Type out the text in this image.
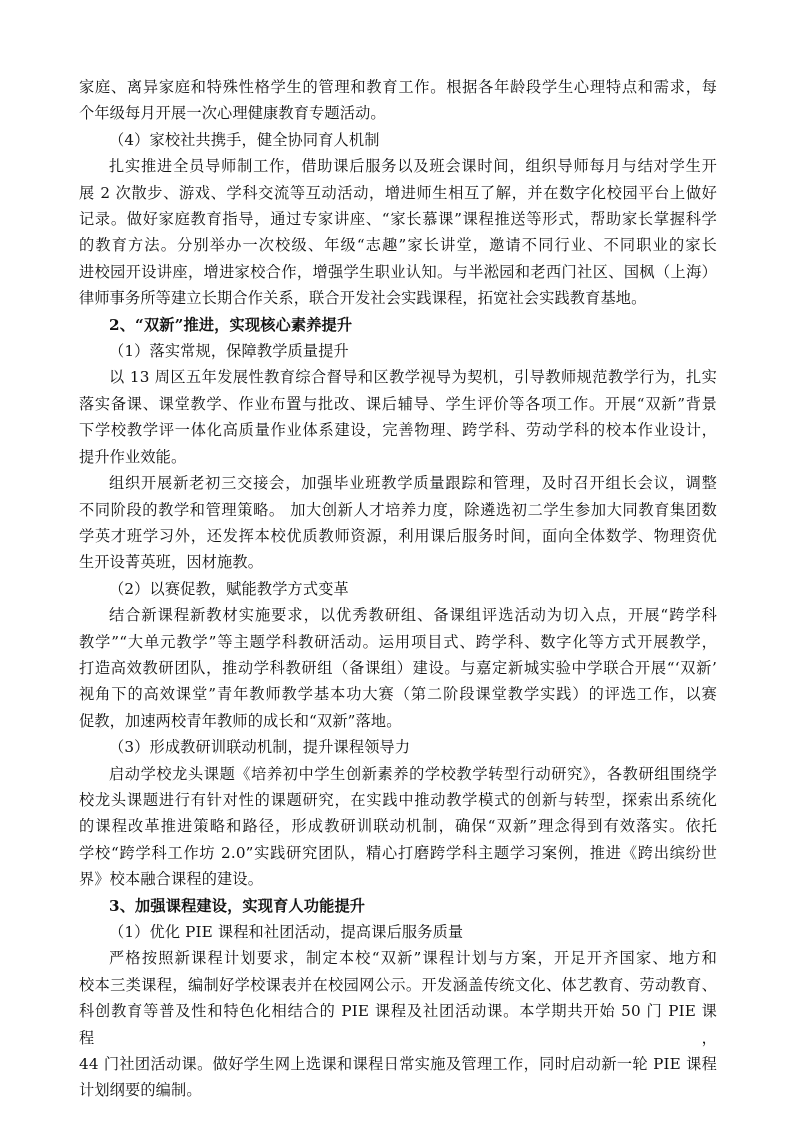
家庭、离异家庭和特殊性格学生的管理和教育工作。根据各年龄段学生心理特点和需求，每
个年级每月开展一次心理健康教育专题活动。
（4）家校社共携手，健全协同育人机制
扎实推进全员导师制工作，借助课后服务以及班会课时间，组织导师每月与结对学生开
展 2 次散步、游戏、学科交流等互动活动，增进师生相互了解，并在数字化校园平台上做好
记录。做好家庭教育指导，通过专家讲座、“家长慕课”课程推送等形式，帮助家长掌握科学
的教育方法。分别举办一次校级、年级“志趣”家长讲堂，邀请不同行业、不同职业的家长
进校园开设讲座，增进家校合作，增强学生职业认知。与半淞园和老西门社区、国枫（上海）
律师事务所等建立长期合作关系，联合开发社会实践课程，拓宽社会实践教育基地。
2、“双新”推进，实现核心素养提升
（1）落实常规，保障教学质量提升
以 13 周区五年发展性教育综合督导和区教学视导为契机，引导教师规范教学行为，扎实
落实备课、课堂教学、作业布置与批改、课后辅导、学生评价等各项工作。开展“双新”背景
下学校教学评一体化高质量作业体系建设，完善物理、跨学科、劳动学科的校本作业设计，
提升作业效能。
组织开展新老初三交接会，加强毕业班教学质量跟踪和管理，及时召开组长会议，调整
不同阶段的教学和管理策略。 加大创新人才培养力度，除遴选初二学生参加大同教育集团数
学英才班学习外，还发挥本校优质教师资源，利用课后服务时间，面向全体数学、物理资优
生开设菁英班，因材施教。
（2）以赛促教，赋能教学方式变革
结合新课程新教材实施要求，以优秀教研组、备课组评选活动为切入点，开展“跨学科
教学”“大单元教学”等主题学科教研活动。运用项目式、跨学科、数字化等方式开展教学，
打造高效教研团队，推动学科教研组（备课组）建设。与嘉定新城实验中学联合开展“‘双新’
视角下的高效课堂”青年教师教学基本功大赛（第二阶段课堂教学实践）的评选工作，以赛
促教，加速两校青年教师的成长和“双新”落地。
（3）形成教研训联动机制，提升课程领导力
启动学校龙头课题《培养初中学生创新素养的学校教学转型行动研究》，各教研组围绕学
校龙头课题进行有针对性的课题研究，在实践中推动教学模式的创新与转型，探索出系统化
的课程改革推进策略和路径，形成教研训联动机制，确保“双新”理念得到有效落实。依托
学校“跨学科工作坊 2.0”实践研究团队，精心打磨跨学科主题学习案例，推进《跨出缤纷世
界》校本融合课程的建设。
3、加强课程建设，实现育人功能提升
（1）优化 PIE 课程和社团活动，提高课后服务质量
严格按照新课程计划要求，制定本校“双新”课程计划与方案，开足开齐国家、地方和
校本三类课程，编制好学校课表并在校园网公示。开发涵盖传统文化、体艺教育、劳动教育、
科创教育等普及性和特色化相结合的 PIE 课程及社团活动课。本学期共开始 50 门 PIE 课程，
44 门社团活动课。做好学生网上选课和课程日常实施及管理工作，同时启动新一轮 PIE 课程
计划纲要的编制。
